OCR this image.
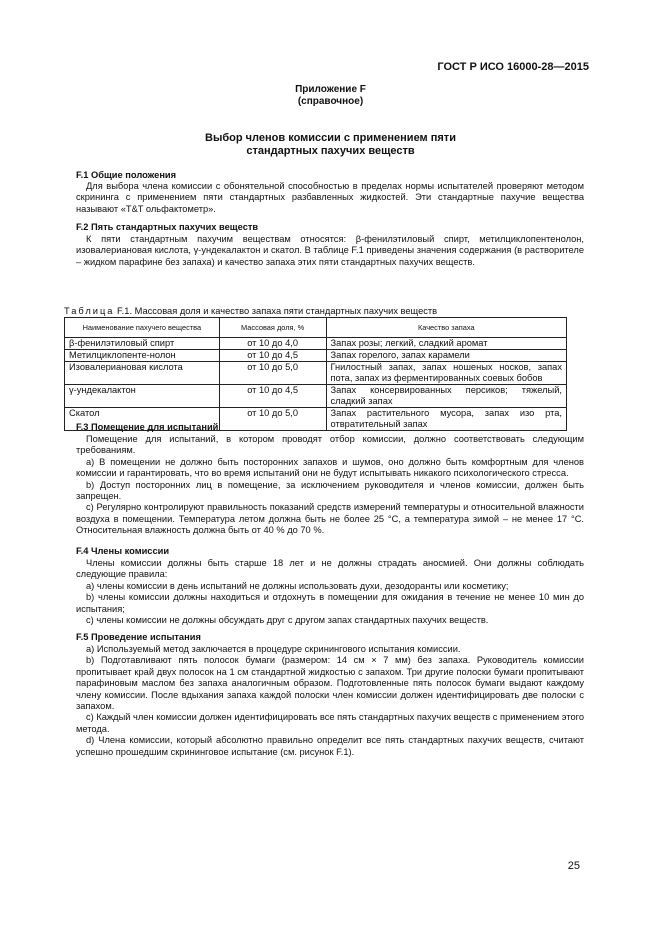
ГОСТ Р ИСО 16000-28—2015
Приложение F
(справочное)
Выбор членов комиссии с применением пяти
стандартных пахучих веществ
F.1 Общие положения

Для выбора члена комиссии с обонятельной способностью в пределах нормы испытателей проверяют методом скрининга с применением пяти стандартных разбавленных жидкостей. Эти стандартные пахучие вещества называют «T&T ольфактометр».

F.2 Пять стандартных пахучих веществ

К пяти стандартным пахучим веществам относятся: β-фенилэтиловый спирт, метилциклопентенолон, изовалериановая кислота, γ-ундекалактон и скатол. В таблице F.1 приведены значения содержания (в растворителе – жидком парафине без запаха) и качество запаха этих пяти стандартных пахучих веществ.

Таблица F.1. Массовая доля и качество запаха пяти стандартных пахучих веществ
Наименование пахучего вещества	Массовая доля, %	Качество запаха
β-фенилэтиловый спирт	от 10 до 4,0	Запах розы; легкий, сладкий аромат
Метилциклопенте-нолон	от 10 до 4,5	Запах горелого, запах карамели
Изовалериановая кислота	от 10 до 5,0	Гнилостный запах, запах ношеных носков, запах пота, запах из ферментированных соевых бобов
γ-ундекалактон	от 10 до 4,5	Запах консервированных персиков; тяжелый, сладкий запах
Скатол	от 10 до 5,0	Запах растительного мусора, запах изо рта, отвратительный запах
F.3 Помещение для испытаний

Помещение для испытаний, в котором проводят отбор комиссии, должно соответствовать следующим требованиям.

a) В помещении не должно быть посторонних запахов и шумов, оно должно быть комфортным для членов комиссии и гарантировать, что во время испытаний они не будут испытывать никакого психологического стресса.

b) Доступ посторонних лиц в помещение, за исключением руководителя и членов комиссии, должен быть запрещен.

c) Регулярно контролируют правильность показаний средств измерений температуры и относительной влажности воздуха в помещении. Температура летом должна быть не более 25 °С, а температура зимой – не менее 17 °С. Относительная влажность должна быть от 40 % до 70 %.

F.4 Члены комиссии

Члены комиссии должны быть старше 18 лет и не должны страдать аносмией. Они должны соблюдать следующие правила:

a) члены комиссии в день испытаний не должны использовать духи, дезодоранты или косметику;

b) члены комиссии должны находиться и отдохнуть в помещении для ожидания в течение не менее 10 мин до испытания;

c) члены комиссии не должны обсуждать друг с другом запах стандартных пахучих веществ.

F.5 Проведение испытания

a) Используемый метод заключается в процедуре скринингового испытания комиссии.

b) Подготавливают пять полосок бумаги (размером: 14 см × 7 мм) без запаха. Руководитель комиссии пропитывает край двух полосок на 1 см стандартной жидкостью с запахом. Три другие полоски бумаги пропитывают парафиновым маслом без запаха аналогичным образом. Подготовленные пять полосок бумаги выдают каждому члену комиссии. После вдыхания запаха каждой полоски член комиссии должен идентифицировать две полоски с запахом.

c) Каждый член комиссии должен идентифицировать все пять стандартных пахучих веществ с применением этого метода.

d) Члена комиссии, который абсолютно правильно определит все пять стандартных пахучих веществ, считают успешно прошедшим скрининговое испытание (см. рисунок F.1).

25
